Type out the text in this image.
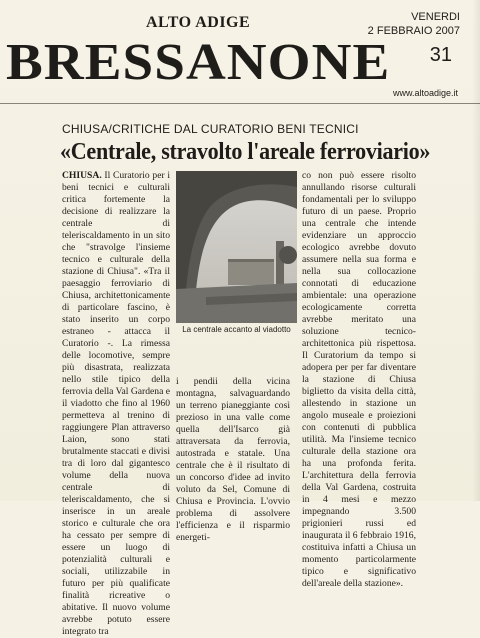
ALTO ADIGE	VENERDI
2 FEBBRAIO 2007
BRESSANONE 31
www.altoadige.it
CHIUSA/CRITICHE DAL CURATORIO BENI TECNICI
«Centrale, stravolto l'areale ferroviario»
CHIUSA. Il Curatorio per i beni tecnici e culturali critica fortemente la decisione di realizzare la centrale di teleriscaldamento in un sito che "stravolge l'insieme tecnico e culturale della stazione di Chiusa". «Tra il paesaggio ferroviario di Chiusa, architettonicamente di particolare fascino, è stato inserito un corpo estraneo - attacca il Curatorio -. La rimessa delle locomotive, sempre più disastrata, realizzata nello stile tipico della ferrovia della Val Gardena e il viadotto che fino al 1960 permetteva al trenino di raggiungere Plan attraverso Laion, sono stati brutalmente staccati e divisi tra di loro dal gigantesco volume della nuova centrale di teleriscaldamento, che si inserisce in un areale storico e culturale che ora ha cessato per sempre di essere un luogo di potenzialità culturali e sociali, utilizzabile in futuro per più qualificate finalità ricreative o abitative. Il nuovo volume avrebbe potuto essere integrato tra
La centrale accanto al viadotto
i pendii della vicina montagna, salvaguardando un terreno pianeggiante così prezioso in una valle come quella dell'Isarco già attraversata da ferrovia, autostrada e statale. Una centrale che è il risultato di un concorso d'idee ad invito voluto da Sel, Comune di Chiusa e Provincia. L'ovvio problema di assolvere l'efficienza e il risparmio energeti-
co non può essere risolto annullando risorse culturali fondamentali per lo sviluppo futuro di un paese. Proprio una centrale che intende evidenziare un approccio ecologico avrebbe dovuto assumere nella sua forma e nella sua collocazione connotati di educazione ambientale: una operazione ecologicamente corretta avrebbe meritato una soluzione tecnico-architettonica più rispettosa. Il Curatorium da tempo si adopera per per far diventare la stazione di Chiusa biglietto da visita della città, allestendo in stazione un angolo museale e proiezioni con contenuti di pubblica utilità. Ma l'insieme tecnico culturale della stazione ora ha una profonda ferita. L'architettura della ferrovia della Val Gardena, costruita in 4 mesi e mezzo impegnando 3.500 prigionieri russi ed inaugurata il 6 febbraio 1916, costituiva infatti a Chiusa un momento particolarmente tipico e significativo dell'areale della stazione».
